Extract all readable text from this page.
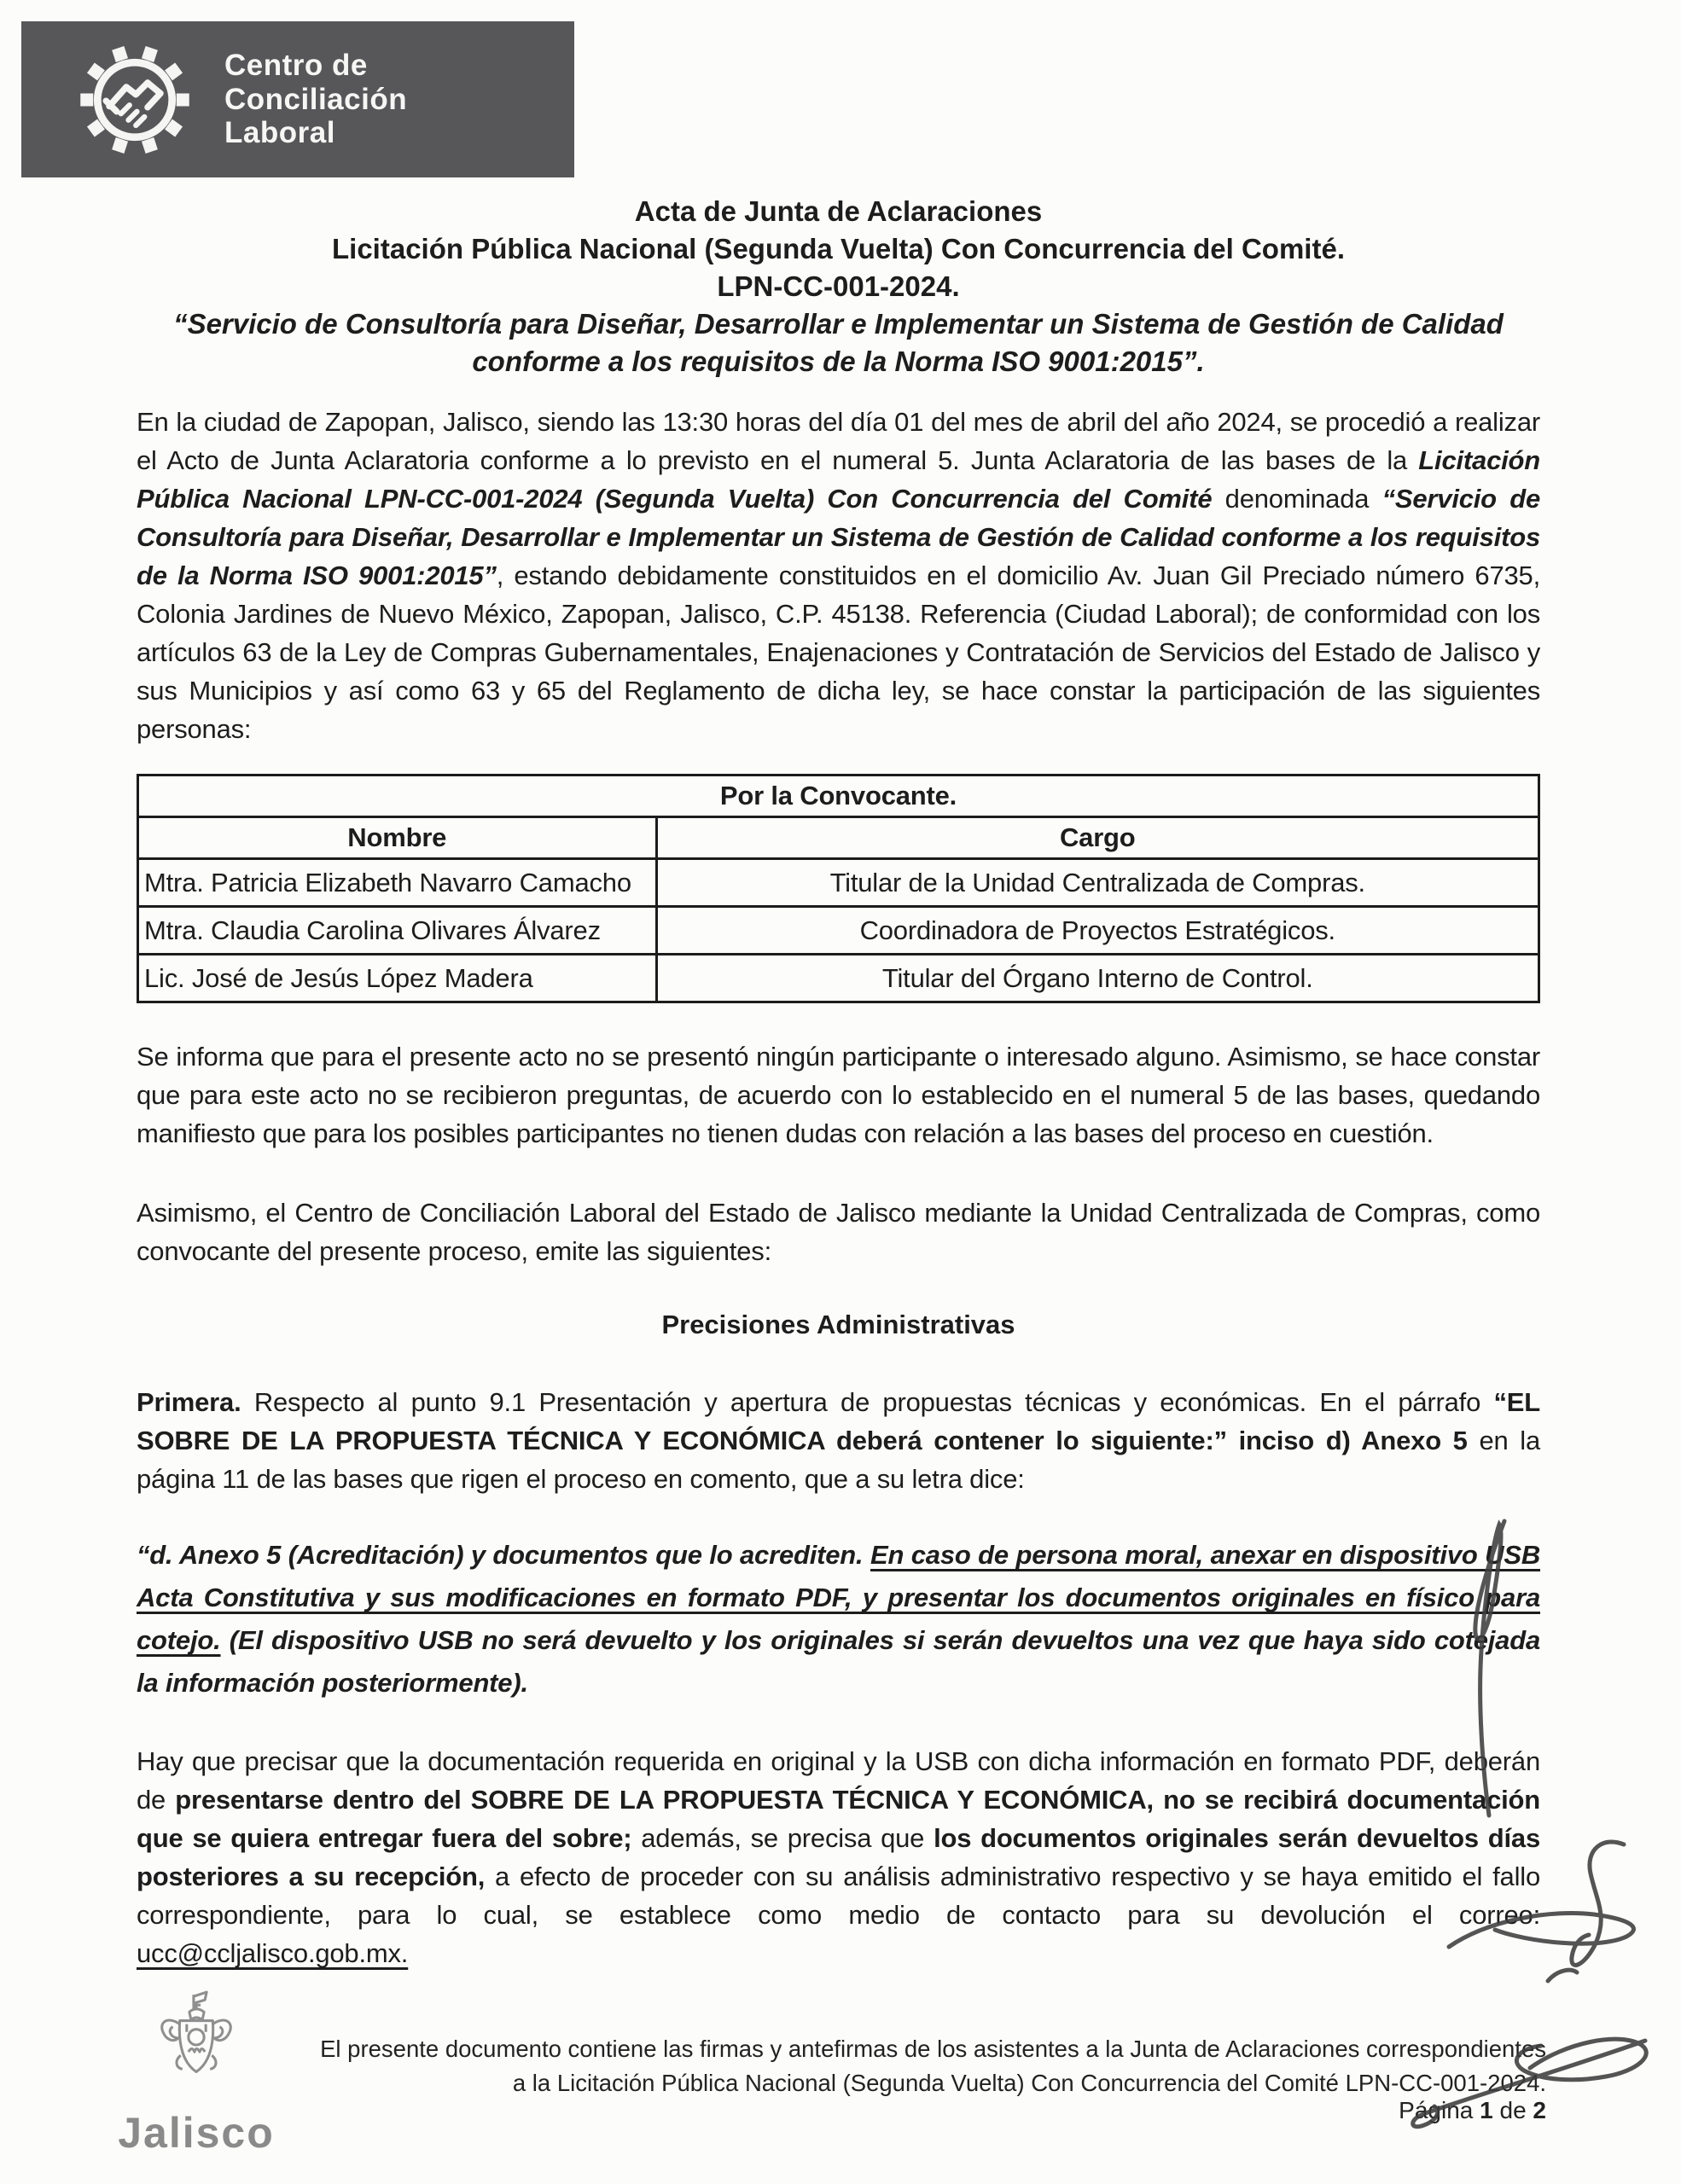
Centro de
Conciliación
Laboral
Acta de Junta de Aclaraciones
Licitación Pública Nacional (Segunda Vuelta) Con Concurrencia del Comité.
LPN-CC-001-2024.
“Servicio de Consultoría para Diseñar, Desarrollar e Implementar un Sistema de Gestión de Calidad
conforme a los requisitos de la Norma ISO 9001:2015”.

En la ciudad de Zapopan, Jalisco, siendo las 13:30 horas del día 01 del mes de abril del año 2024, se procedió a realizar el Acto de Junta Aclaratoria conforme a lo previsto en el numeral 5. Junta Aclaratoria de las bases de la Licitación Pública Nacional LPN-CC-001-2024 (Segunda Vuelta) Con Concurrencia del Comité denominada “Servicio de Consultoría para Diseñar, Desarrollar e Implementar un Sistema de Gestión de Calidad conforme a los requisitos de la Norma ISO 9001:2015”, estando debidamente constituidos en el domicilio Av. Juan Gil Preciado número 6735, Colonia Jardines de Nuevo México, Zapopan, Jalisco, C.P. 45138. Referencia (Ciudad Laboral); de conformidad con los artículos 63 de la Ley de Compras Gubernamentales, Enajenaciones y Contratación de Servicios del Estado de Jalisco y sus Municipios y así como 63 y 65 del Reglamento de dicha ley, se hace constar la participación de las siguientes personas:

Por la Convocante.	
Nombre	Cargo
Mtra. Patricia Elizabeth Navarro Camacho	Titular de la Unidad Centralizada de Compras.
Mtra. Claudia Carolina Olivares Álvarez	Coordinadora de Proyectos Estratégicos.
Lic. José de Jesús López Madera	Titular del Órgano Interno de Control.

Se informa que para el presente acto no se presentó ningún participante o interesado alguno. Asimismo, se hace constar que para este acto no se recibieron preguntas, de acuerdo con lo establecido en el numeral 5 de las bases, quedando manifiesto que para los posibles participantes no tienen dudas con relación a las bases del proceso en cuestión.

Asimismo, el Centro de Conciliación Laboral del Estado de Jalisco mediante la Unidad Centralizada de Compras, como convocante del presente proceso, emite las siguientes:

Precisiones Administrativas

Primera. Respecto al punto 9.1 Presentación y apertura de propuestas técnicas y económicas. En el párrafo “EL SOBRE DE LA PROPUESTA TÉCNICA Y ECONÓMICA deberá contener lo siguiente:” inciso d) Anexo 5 en la página 11 de las bases que rigen el proceso en comento, que a su letra dice:

“d. Anexo 5 (Acreditación) y documentos que lo acrediten. En caso de persona moral, anexar en dispositivo USB Acta Constitutiva y sus modificaciones en formato PDF, y presentar los documentos originales en físico para cotejo. (El dispositivo USB no será devuelto y los originales si serán devueltos una vez que haya sido cotejada la información posteriormente).

Hay que precisar que la documentación requerida en original y la USB con dicha información en formato PDF, deberán de presentarse dentro del SOBRE DE LA PROPUESTA TÉCNICA Y ECONÓMICA, no se recibirá documentación que se quiera entregar fuera del sobre; además, se precisa que los documentos originales serán devueltos días posteriores a su recepción, a efecto de proceder con su análisis administrativo respectivo y se haya emitido el fallo correspondiente, para lo cual, se establece como medio de contacto para su devolución el correo: ucc@ccljalisco.gob.mx.

Jalisco
El presente documento contiene las firmas y antefirmas de los asistentes a la Junta de Aclaraciones correspondientes
a la Licitación Pública Nacional (Segunda Vuelta) Con Concurrencia del Comité LPN-CC-001-2024.
Página 1 de 2
